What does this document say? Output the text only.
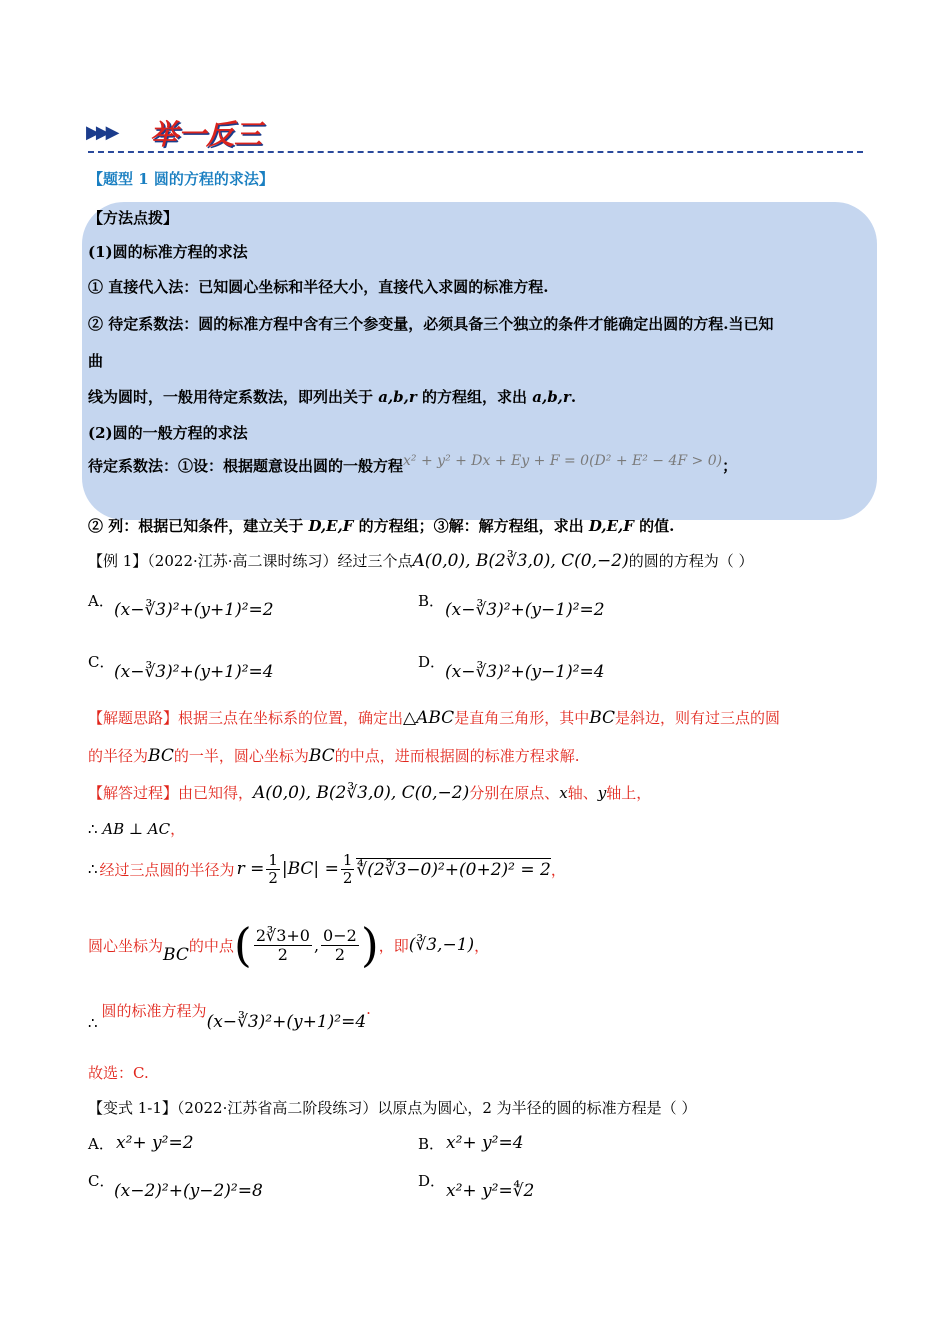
▶▶▶ 举一反三
【题型 1 圆的方程的求法】
【方法点拨】
(1)圆的标准方程的求法
① 直接代入法：已知圆心坐标和半径大小，直接代入求圆的标准方程.
② 待定系数法：圆的标准方程中含有三个参变量，必须具备三个独立的条件才能确定出圆的方程.当已知
曲
线为圆时，一般用待定系数法，即列出关于 a,b,r 的方程组，求出 a,b,r.
(2)圆的一般方程的求法
待定系数法：①设：根据题意设出圆的一般方程x² + y² + Dx + Ey + F = 0(D² + E² − 4F > 0)；
② 列：根据已知条件，建立关于 D,E,F 的方程组；③解：解方程组，求出 D,E,F 的值.
【例 1】（2022·江苏·高二课时练习）经过三个点A(0,0), B(2∛3,0), C(0,−2)的圆的方程为（ ）
A． (x−∛3)²+(y+1)²=2	B． (x−∛3)²+(y−1)²=2
C． (x−∛3)²+(y+1)²=4	D． (x−∛3)²+(y−1)²=4
【解题思路】根据三点在坐标系的位置，确定出△ABC是直角三角形，其中BC是斜边，则有过三点的圆
的半径为BC的一半，圆心坐标为BC的中点，进而根据圆的标准方程求解.
【解答过程】由已知得，A(0,0), B(2∛3,0), C(0,−2)分别在原点、x轴、y轴上，
∴ AB ⊥ AC，
∴ 经过三点圆的半径为 $r = \frac{1}{2} |BC| = \frac{1}{2}$ ∜(2∛3−0)²+(0+2)² = 2 ，
圆心坐标为 BC 的中点 ( $\frac{2∛3+0}{2}$ , $\frac{0-2}{2}$ ) ，即 (∛3,−1) ，
∴
圆的标准方程为
(x−∛3)²+(y+1)²=4
.
故选：C.
【变式 1-1】（2022·江苏省高二阶段练习）以原点为圆心，2 为半径的圆的标准方程是（ ）
A． x²+ y²=2	B． x²+ y²=4
C． (x−2)²+(y−2)²=8	D． x²+ y²=∜2
